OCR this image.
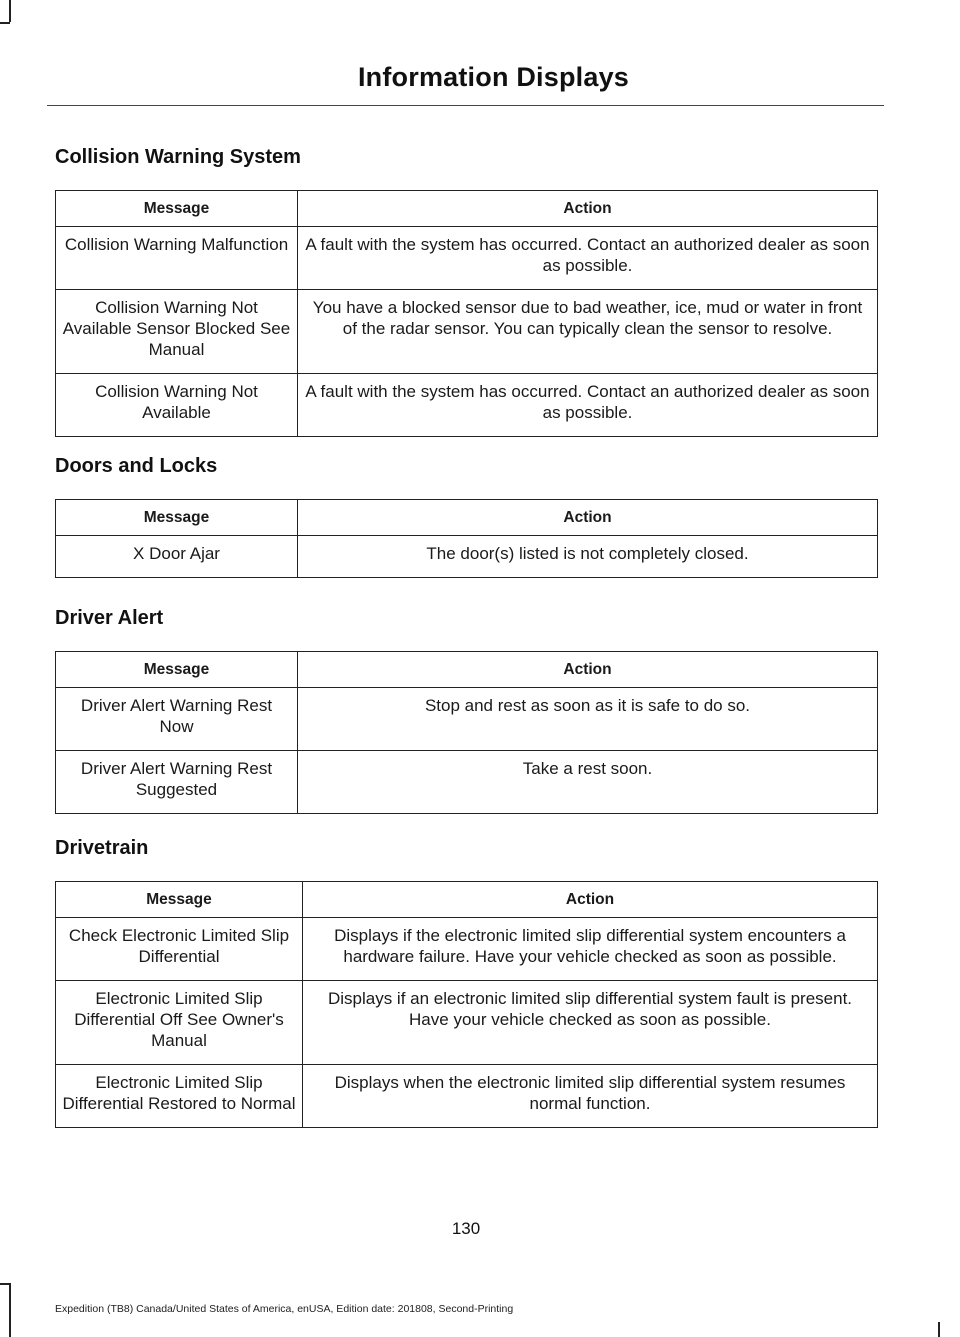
Information Displays
Collision Warning System
Message	Action
Collision Warning Malfunction	A fault with the system has occurred. Contact an authorized dealer as soon as possible.
Collision Warning Not Available Sensor Blocked See Manual	You have a blocked sensor due to bad weather, ice, mud or water in front of the radar sensor. You can typically clean the sensor to resolve.
Collision Warning Not Available	A fault with the system has occurred. Contact an authorized dealer as soon as possible.
Doors and Locks
Message	Action
X Door Ajar	The door(s) listed is not completely closed.
Driver Alert
Message	Action
Driver Alert Warning Rest Now	Stop and rest as soon as it is safe to do so.
Driver Alert Warning Rest Suggested	Take a rest soon.
Drivetrain
Message	Action
Check Electronic Limited Slip Differential	Displays if the electronic limited slip differential system encounters a hardware failure. Have your vehicle checked as soon as possible.
Electronic Limited Slip Differential Off See Owner's Manual	Displays if an electronic limited slip differential system fault is present. Have your vehicle checked as soon as possible.
Electronic Limited Slip Differential Restored to Normal	Displays when the electronic limited slip differential system resumes normal function.
130
Expedition (TB8) Canada/United States of America, enUSA, Edition date: 201808, Second-Printing
